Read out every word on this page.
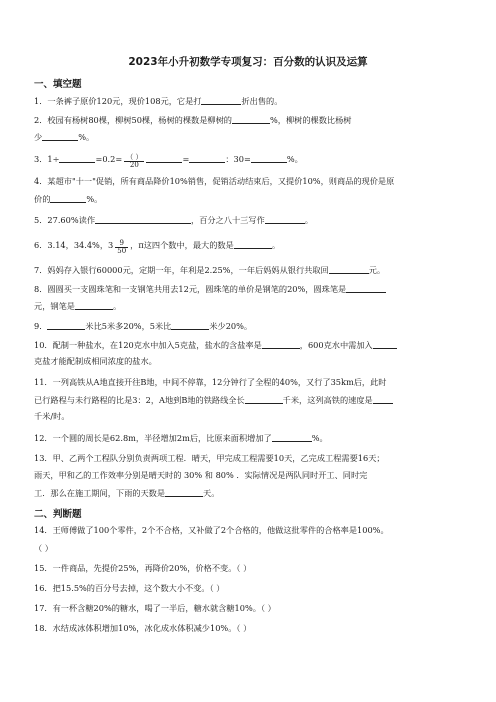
2023年小升初数学专项复习：百分数的认识及运算
一、填空题
1．一条裤子原价120元，现价108元，它是打	折出售的。
2．校园有杨树80棵，柳树50棵，杨树的棵数是柳树的	%，柳树的棵数比杨树
少	%。
3．1÷	$=0.2= \frac{( )}{20}$	=	：30=	%。
4．某超市"十一"促销，所有商品降价10%销售，促销活动结束后，又提价10%，则商品的现价是原
价的	%。
5．27.60%读作	，百分之八十三写作	。
6．3.14，34.4%，$3 \frac{9}{50}$ ，π这四个数中，最大的数是	。
7．妈妈存入银行60000元，定期一年，年利是2.25%，一年后妈妈从银行共取回	元。
8．圆圆买一支圆珠笔和一支钢笔共用去12元，圆珠笔的单价是钢笔的20%，圆珠笔是
元，钢笔是	。
9．	米比5米多20%，5米比	米少20%。
10．配制一种盐水，在120克水中加入5克盐，盐水的含盐率是	，600克水中需加入
克盐才能配制成相同浓度的盐水。
11．一列高铁从A地直接开往B地，中间不停靠，12分钟行了全程的40%，又行了35km后，此时
已行路程与未行路程的比是3：2，A地到B地的铁路线全长	千米，这列高铁的速度是
千米/时。
12．一个圆的周长是62.8m，半径增加2m后，比原来面积增加了	%。
13．甲、乙两个工程队分别负责两项工程．晴天，甲完成工程需要10天，乙完成工程需要16天；
雨天，甲和乙的工作效率分别是晴天时的 30% 和 80% ．实际情况是两队同时开工、同时完
工．那么在施工期间，下雨的天数是	天。
二、判断题
14．王师傅做了100个零件，2个不合格，又补做了2个合格的，他做这批零件的合格率是100%。
（ ）
15．一件商品，先提价25%，再降价20%，价格不变。（ ）
16．把15.5%的百分号去掉，这个数大小不变。（ ）
17．有一杯含糖20%的糖水，喝了一半后，糖水就含糖10%。（ ）
18．水结成冰体积增加10%，冰化成水体积减少10%。（ ）
